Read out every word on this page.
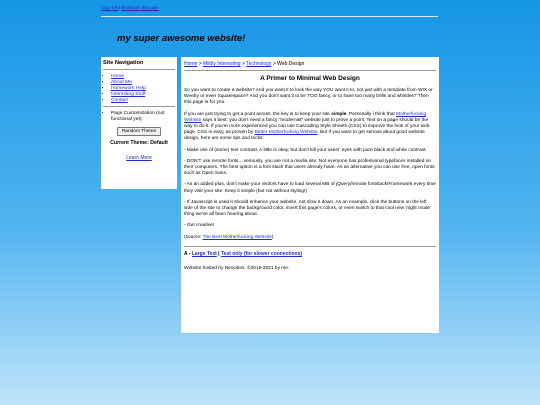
Copy link | Bookmark this page
my super awesome website!
Site Navigation
• Home
• About Me
• Homework Help
• Interesting Stuff
• Contact
• Page Customization (not functional yet):
Random Theme
Current Theme: Default
Learn More
Home > Mildly Interesting > Technology > Web Design
A Primer to Minimal Web Design

So you want to create a website? And you want it to look the way YOU want it to, not just with a template from WIX or Weeby or even Squarespace? And you don't want it to be TOO fancy, or to have too many bells and whistles? Then this page is for you.

If you are just trying to get a point across, the key is to keep your site simple. Personally i think that Motherfucking Website says it best: you don't need a fancy "modernist" website just to prove a point. Text on a page should be the way to do it. If you're more experienced you can use Cascading Style Sheets (CSS) to improve the look of your web page. CSS is easy, as proven by Better Motherfucking Website. But if you want to get serious about good website design, here are some tips and tricks:

- Make use of (some) text contrast. A little is okay, but don't kill your users' eyes with pure black and white contrast.

- DON'T use remote fonts... seriously, you are not a media site. Not everyone has professional typefaces installed on their computers. The best option is a font stack that users already have. As an alternative you can use free, open fonts such as Open Sans.

- As an added plus, don't make your visitors have to load several MB of jQuery/remote fontstack/Framework every time they visit your site. Keep it simple (but not without styling!)

- If Javascript is used it should enhance your website, not slow it down. As an example, click the buttons on the left side of the site to change the background color, invert this page's colors, or even switch to that cool new 'night mode' thing we've all been hearing about.

- Get creative!

(source: The Best Motherfucking Website)

A - Large Text | Text only (for slower connections)
Website hosted by Neocities. ©2019-2021 by me.
